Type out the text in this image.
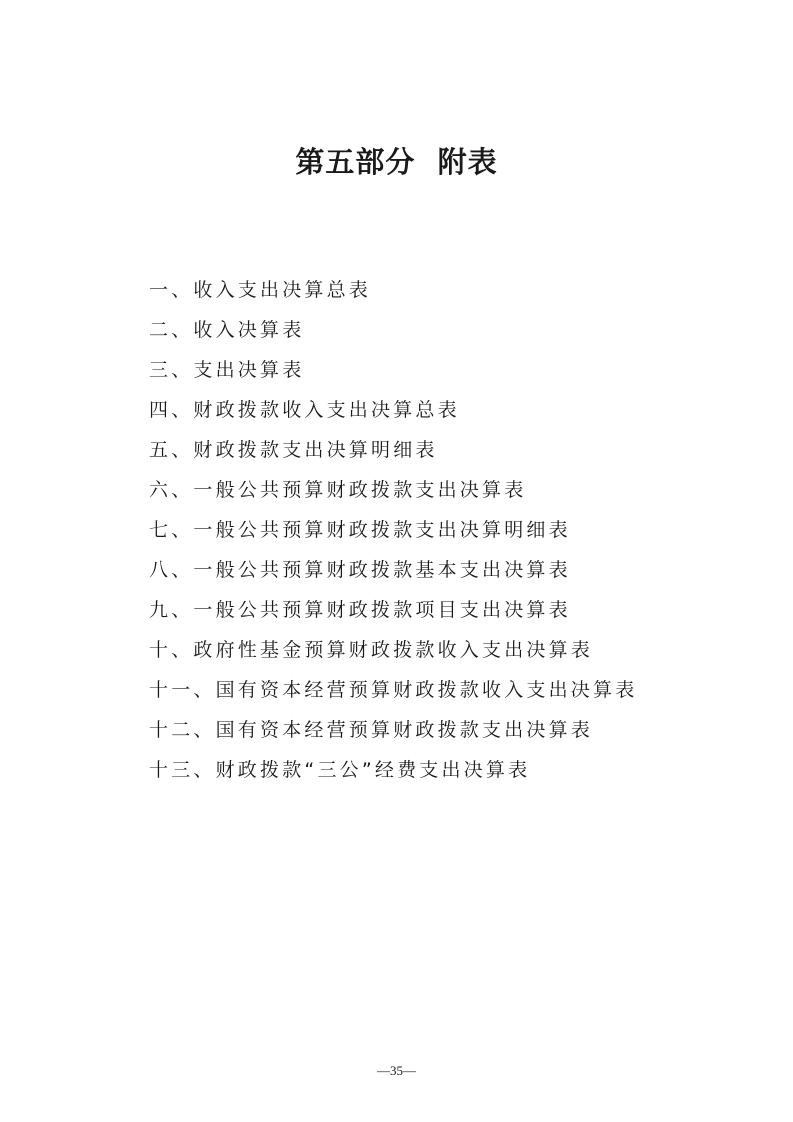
第五部分  附表
一、收入支出决算总表
二、收入决算表
三、支出决算表
四、财政拨款收入支出决算总表
五、财政拨款支出决算明细表
六、一般公共预算财政拨款支出决算表
七、一般公共预算财政拨款支出决算明细表
八、一般公共预算财政拨款基本支出决算表
九、一般公共预算财政拨款项目支出决算表
十、政府性基金预算财政拨款收入支出决算表
十一、国有资本经营预算财政拨款收入支出决算表
十二、国有资本经营预算财政拨款支出决算表
十三、财政拨款“三公”经费支出决算表
—35—
